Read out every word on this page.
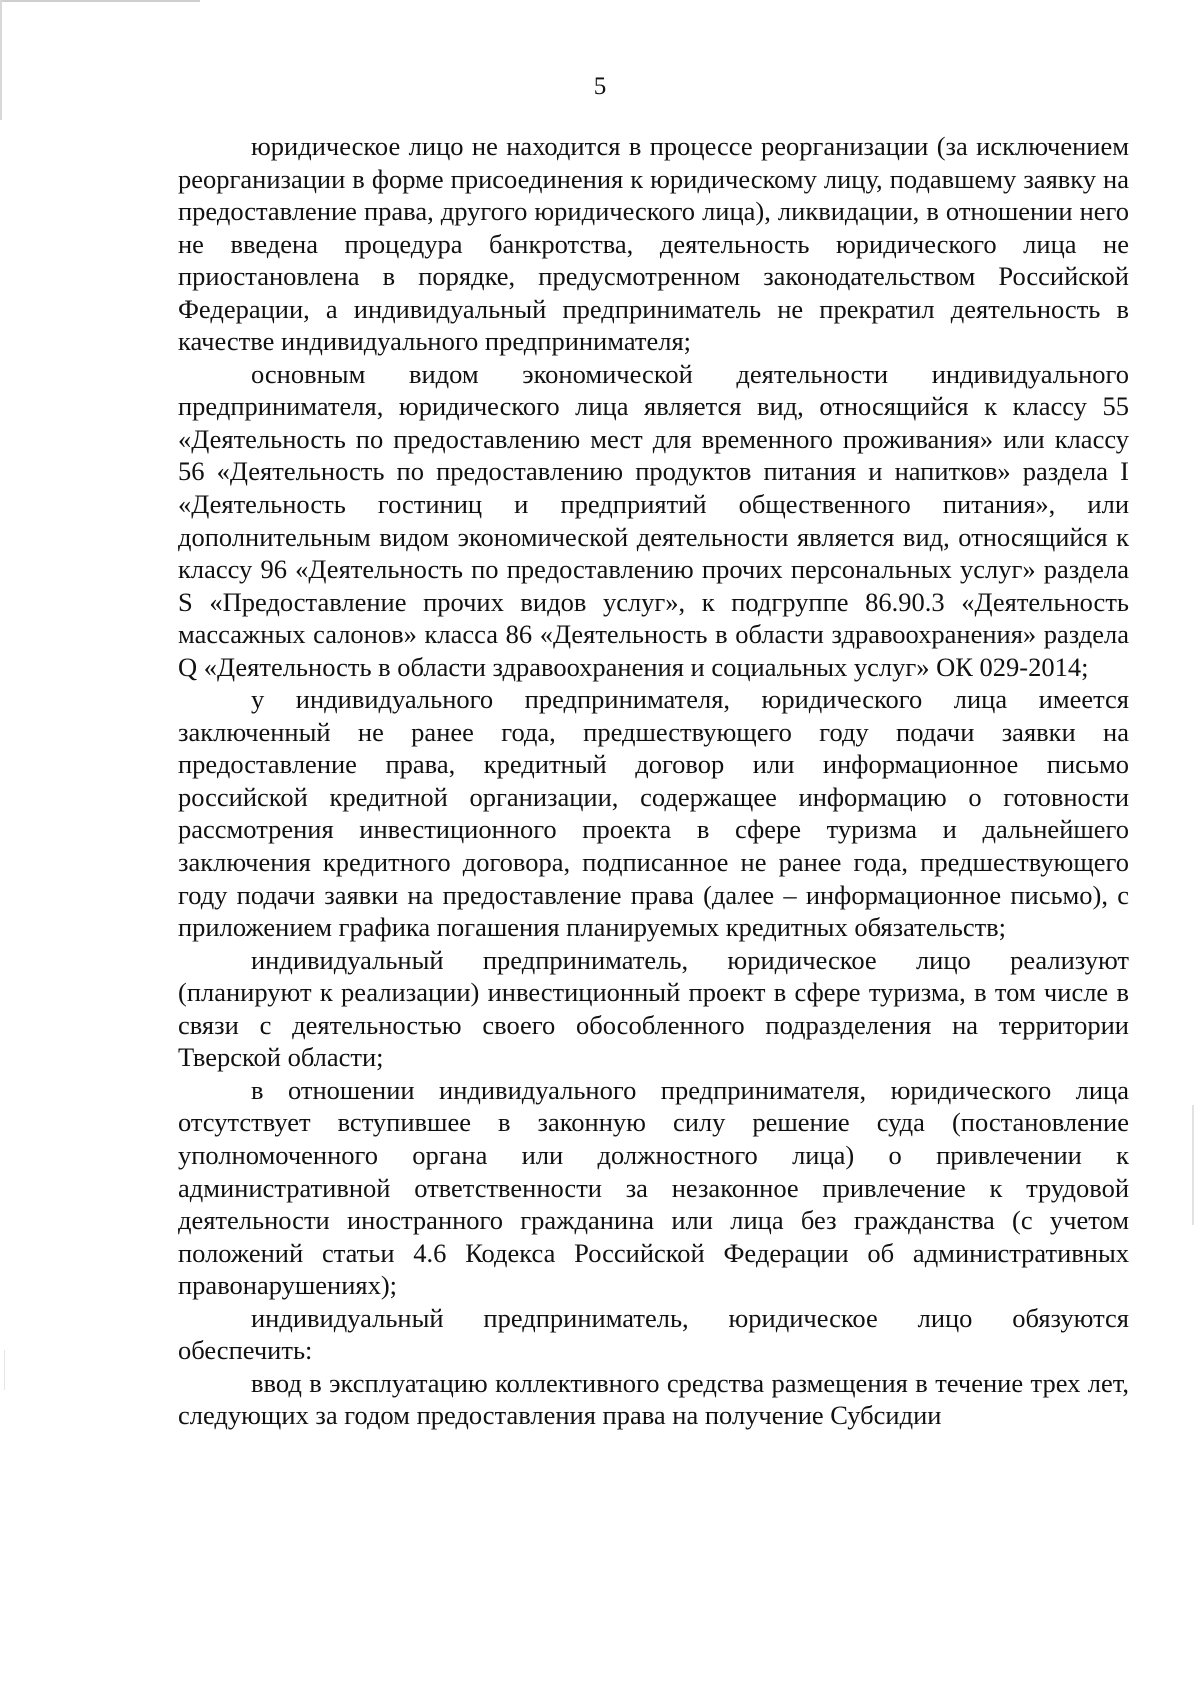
5

юридическое лицо не находится в процессе реорганизации (за исключением реорганизации в форме присоединения к юридическому лицу, подавшему заявку на предоставление права, другого юридического лица), ликвидации, в отношении него не введена процедура банкротства, деятельность юридического лица не приостановлена в порядке, предусмотренном законодательством Российской Федерации, а индивидуальный предприниматель не прекратил деятельность в качестве индивидуального предпринимателя;

основным видом экономической деятельности индивидуального предпринимателя, юридического лица является вид, относящийся к классу 55 «Деятельность по предоставлению мест для временного проживания» или классу 56 «Деятельность по предоставлению продуктов питания и напитков» раздела I «Деятельность гостиниц и предприятий общественного питания», или дополнительным видом экономической деятельности является вид, относящийся к классу 96 «Деятельность по предоставлению прочих персональных услуг» раздела S «Предоставление прочих видов услуг», к подгруппе 86.90.3 «Деятельность массажных салонов» класса 86 «Деятельность в области здравоохранения» раздела Q «Деятельность в области здравоохранения и социальных услуг» ОК 029-2014;

у индивидуального предпринимателя, юридического лица имеется заключенный не ранее года, предшествующего году подачи заявки на предоставление права, кредитный договор или информационное письмо российской кредитной организации, содержащее информацию о готовности рассмотрения инвестиционного проекта в сфере туризма и дальнейшего заключения кредитного договора, подписанное не ранее года, предшествующего году подачи заявки на предоставление права (далее – информационное письмо), с приложением графика погашения планируемых кредитных обязательств;

индивидуальный предприниматель, юридическое лицо реализуют (планируют к реализации) инвестиционный проект в сфере туризма, в том числе в связи с деятельностью своего обособленного подразделения на территории Тверской области;

в отношении индивидуального предпринимателя, юридического лица отсутствует вступившее в законную силу решение суда (постановление уполномоченного органа или должностного лица) о привлечении к административной ответственности за незаконное привлечение к трудовой деятельности иностранного гражданина или лица без гражданства (с учетом положений статьи 4.6 Кодекса Российской Федерации об административных правонарушениях);

индивидуальный предприниматель, юридическое лицо обязуются обеспечить:

ввод в эксплуатацию коллективного средства размещения в течение трех лет, следующих за годом предоставления права на получение Субсидии
